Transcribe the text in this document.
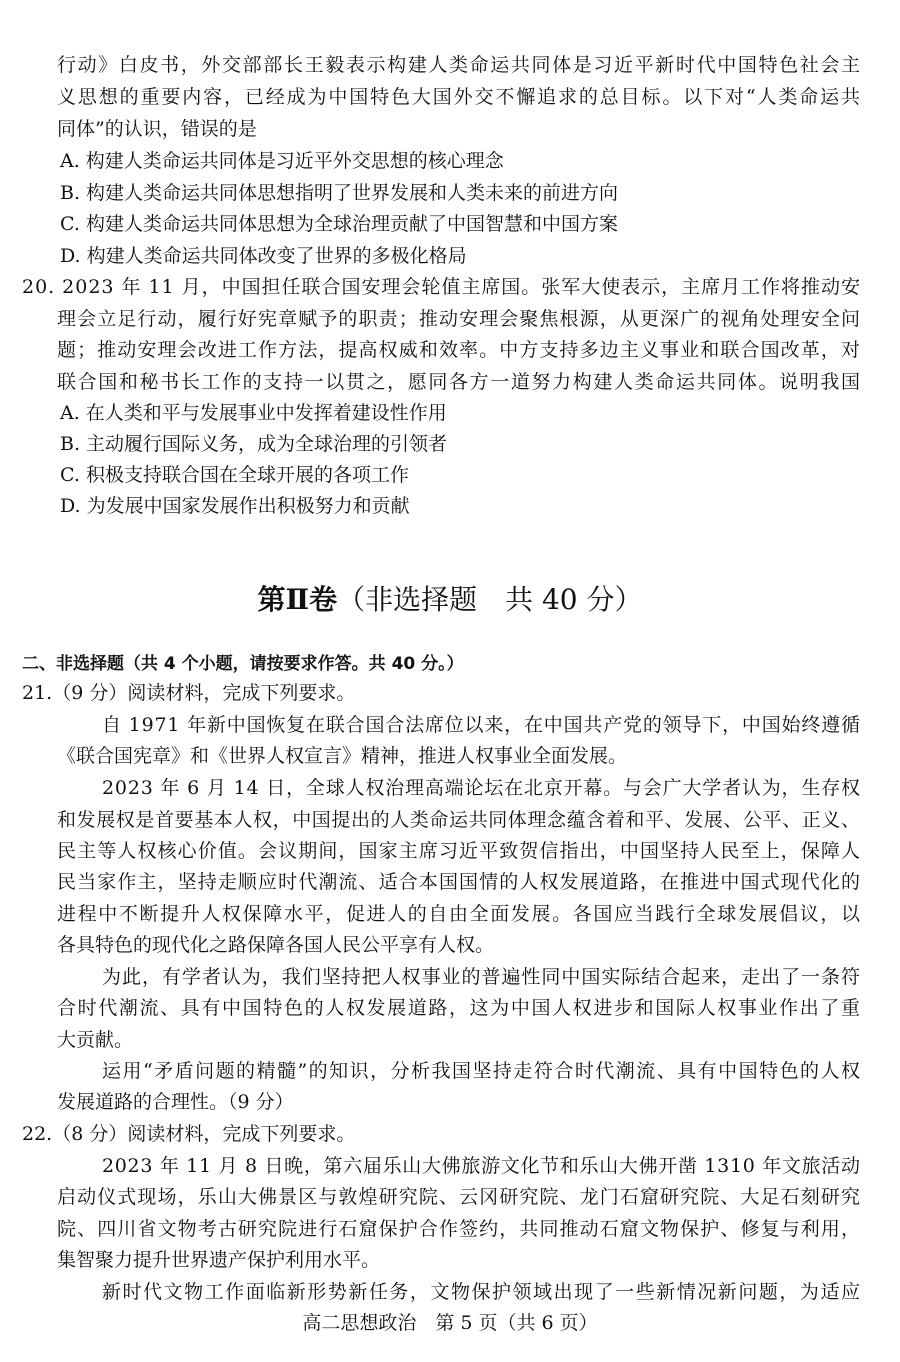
行动》白皮书，外交部部长王毅表示构建人类命运共同体是习近平新时代中国特色社会主
义思想的重要内容，已经成为中国特色大国外交不懈追求的总目标。以下对“人类命运共
同体”的认识，错误的是
A. 构建人类命运共同体是习近平外交思想的核心理念
B. 构建人类命运共同体思想指明了世界发展和人类未来的前进方向
C. 构建人类命运共同体思想为全球治理贡献了中国智慧和中国方案
D. 构建人类命运共同体改变了世界的多极化格局
20. 2023 年 11 月，中国担任联合国安理会轮值主席国。张军大使表示，主席月工作将推动安
理会立足行动，履行好宪章赋予的职责；推动安理会聚焦根源，从更深广的视角处理安全问
题；推动安理会改进工作方法，提高权威和效率。中方支持多边主义事业和联合国改革，对
联合国和秘书长工作的支持一以贯之，愿同各方一道努力构建人类命运共同体。说明我国
A. 在人类和平与发展事业中发挥着建设性作用
B. 主动履行国际义务，成为全球治理的引领者
C. 积极支持联合国在全球开展的各项工作
D. 为发展中国家发展作出积极努力和贡献
第Ⅱ卷（非选择题　共 40 分）
二、非选择题（共 4 个小题，请按要求作答。共 40 分。）
21.（9 分）阅读材料，完成下列要求。
自 1971 年新中国恢复在联合国合法席位以来，在中国共产党的领导下，中国始终遵循
《联合国宪章》和《世界人权宣言》精神，推进人权事业全面发展。
2023 年 6 月 14 日，全球人权治理高端论坛在北京开幕。与会广大学者认为，生存权
和发展权是首要基本人权，中国提出的人类命运共同体理念蕴含着和平、发展、公平、正义、
民主等人权核心价值。会议期间，国家主席习近平致贺信指出，中国坚持人民至上，保障人
民当家作主，坚持走顺应时代潮流、适合本国国情的人权发展道路，在推进中国式现代化的
进程中不断提升人权保障水平，促进人的自由全面发展。各国应当践行全球发展倡议，以
各具特色的现代化之路保障各国人民公平享有人权。
为此，有学者认为，我们坚持把人权事业的普遍性同中国实际结合起来，走出了一条符
合时代潮流、具有中国特色的人权发展道路，这为中国人权进步和国际人权事业作出了重
大贡献。
运用“矛盾问题的精髓”的知识，分析我国坚持走符合时代潮流、具有中国特色的人权
发展道路的合理性。（9 分）
22.（8 分）阅读材料，完成下列要求。
2023 年 11 月 8 日晚，第六届乐山大佛旅游文化节和乐山大佛开凿 1310 年文旅活动
启动仪式现场，乐山大佛景区与敦煌研究院、云冈研究院、龙门石窟研究院、大足石刻研究
院、四川省文物考古研究院进行石窟保护合作签约，共同推动石窟文物保护、修复与利用，
集智聚力提升世界遗产保护利用水平。
新时代文物工作面临新形势新任务，文物保护领域出现了一些新情况新问题，为适应
高二思想政治　第 5 页（共 6 页）
